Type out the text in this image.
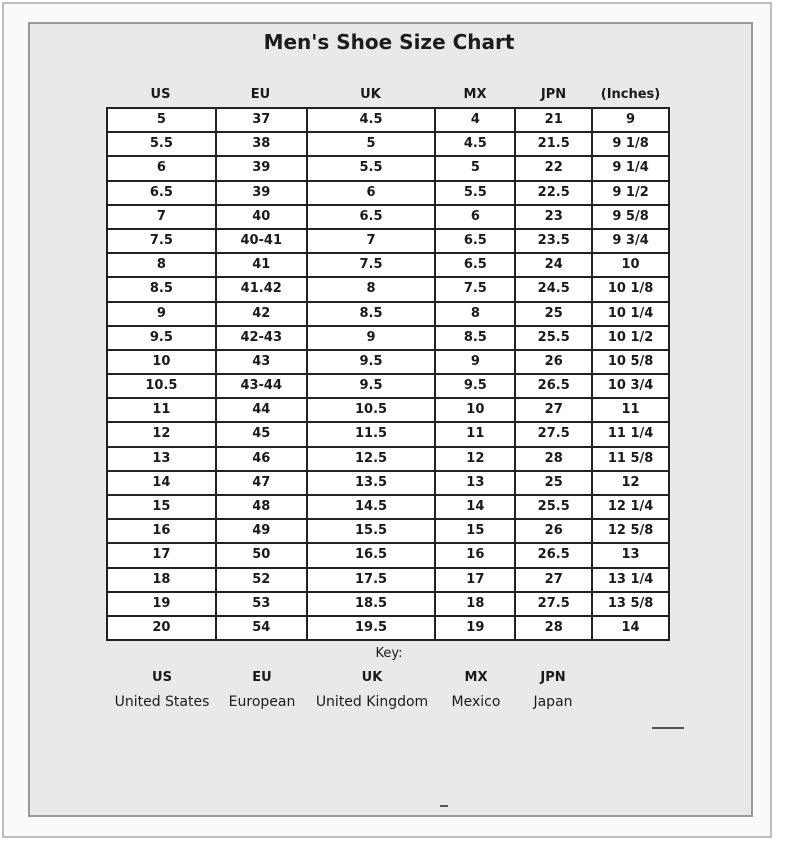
Men's Shoe Size Chart
US	EU	UK	MX	JPN	(Inches)
5	37	4.5	4	21	9
5.5	38	5	4.5	21.5	9 1/8
6	39	5.5	5	22	9 1/4
6.5	39	6	5.5	22.5	9 1/2
7	40	6.5	6	23	9 5/8
7.5	40-41	7	6.5	23.5	9 3/4
8	41	7.5	6.5	24	10
8.5	41.42	8	7.5	24.5	10 1/8
9	42	8.5	8	25	10 1/4
9.5	42-43	9	8.5	25.5	10 1/2
10	43	9.5	9	26	10 5/8
10.5	43-44	9.5	9.5	26.5	10 3/4
11	44	10.5	10	27	11
12	45	11.5	11	27.5	11 1/4
13	46	12.5	12	28	11 5/8
14	47	13.5	13	25	12
15	48	14.5	14	25.5	12 1/4
16	49	15.5	15	26	12 5/8
17	50	16.5	16	26.5	13
18	52	17.5	17	27	13 1/4
19	53	18.5	18	27.5	13 5/8
20	54	19.5	19	28	14
Key:
US	EU	UK	MX	JPN
United States	European	United Kingdom	Mexico	Japan
